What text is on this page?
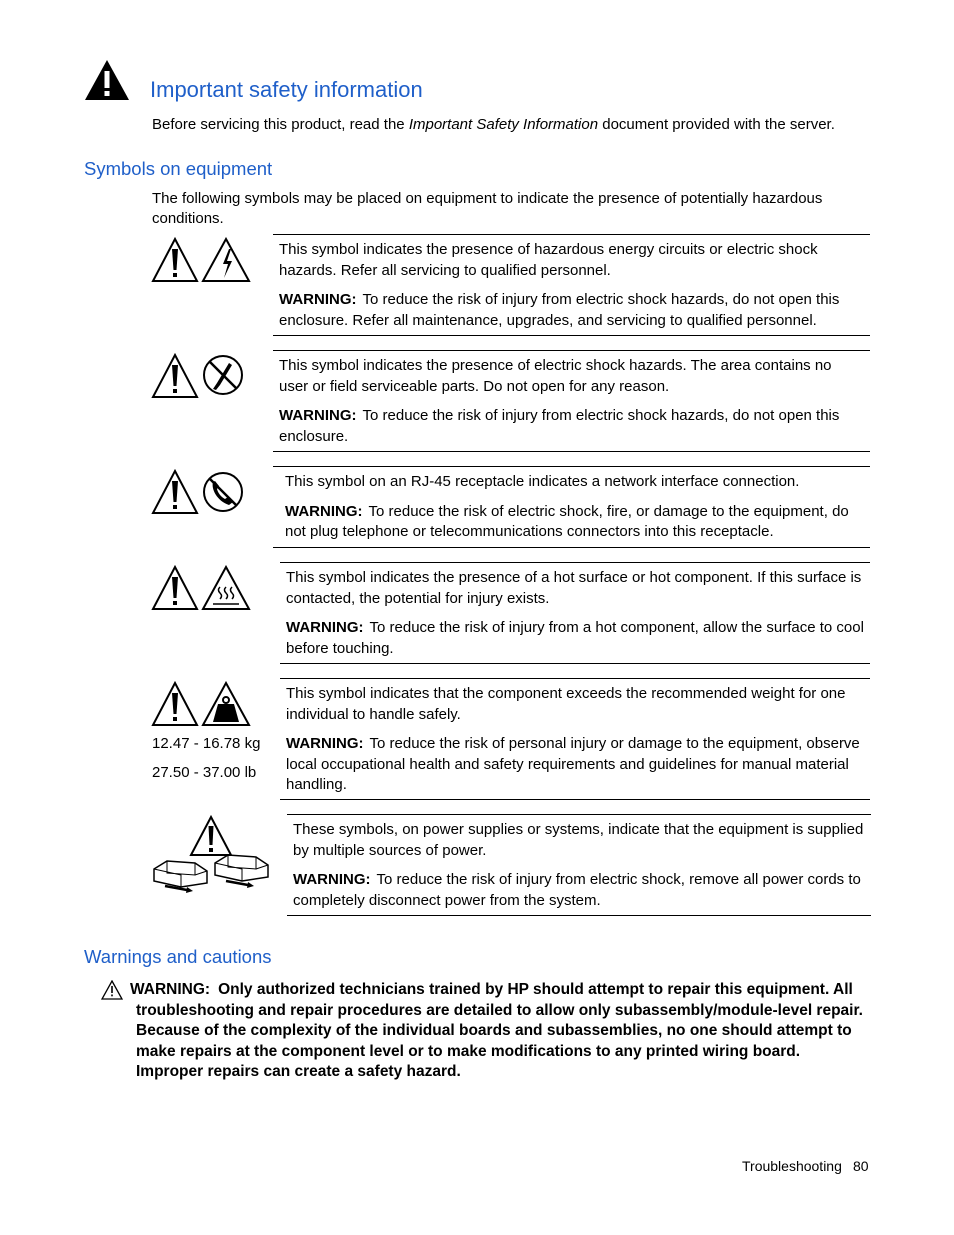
Important safety information
Before servicing this product, read the Important Safety Information document provided with the server.
Symbols on equipment
The following symbols may be placed on equipment to indicate the presence of potentially hazardous conditions.

This symbol indicates the presence of hazardous energy circuits or electric shock hazards. Refer all servicing to qualified personnel.

WARNING: To reduce the risk of injury from electric shock hazards, do not open this enclosure. Refer all maintenance, upgrades, and servicing to qualified personnel.

This symbol indicates the presence of electric shock hazards. The area contains no user or field serviceable parts. Do not open for any reason.

WARNING: To reduce the risk of injury from electric shock hazards, do not open this enclosure.

This symbol on an RJ-45 receptacle indicates a network interface connection.

WARNING: To reduce the risk of electric shock, fire, or damage to the equipment, do not plug telephone or telecommunications connectors into this receptacle.

This symbol indicates the presence of a hot surface or hot component. If this surface is contacted, the potential for injury exists.

WARNING: To reduce the risk of injury from a hot component, allow the surface to cool before touching.

12.47 - 16.78 kg
27.50 - 37.00 lb

This symbol indicates that the component exceeds the recommended weight for one individual to handle safely.

WARNING: To reduce the risk of personal injury or damage to the equipment, observe local occupational health and safety requirements and guidelines for manual material handling.

These symbols, on power supplies or systems, indicate that the equipment is supplied by multiple sources of power.

WARNING: To reduce the risk of injury from electric shock, remove all power cords to completely disconnect power from the system.

Warnings and cautions
WARNING: Only authorized technicians trained by HP should attempt to repair this equipment. All troubleshooting and repair procedures are detailed to allow only subassembly/module-level repair. Because of the complexity of the individual boards and subassemblies, no one should attempt to make repairs at the component level or to make modifications to any printed wiring board. Improper repairs can create a safety hazard.
Troubleshooting 80
